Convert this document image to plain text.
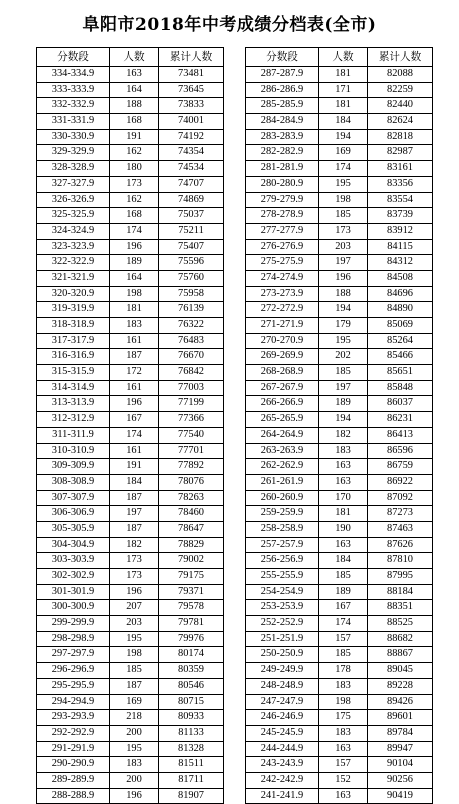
阜阳市2018年中考成绩分档表(全市)
分数段	人数	累计人数
334-334.9	163	73481
333-333.9	164	73645
332-332.9	188	73833
331-331.9	168	74001
330-330.9	191	74192
329-329.9	162	74354
328-328.9	180	74534
327-327.9	173	74707
326-326.9	162	74869
325-325.9	168	75037
324-324.9	174	75211
323-323.9	196	75407
322-322.9	189	75596
321-321.9	164	75760
320-320.9	198	75958
319-319.9	181	76139
318-318.9	183	76322
317-317.9	161	76483
316-316.9	187	76670
315-315.9	172	76842
314-314.9	161	77003
313-313.9	196	77199
312-312.9	167	77366
311-311.9	174	77540
310-310.9	161	77701
309-309.9	191	77892
308-308.9	184	78076
307-307.9	187	78263
306-306.9	197	78460
305-305.9	187	78647
304-304.9	182	78829
303-303.9	173	79002
302-302.9	173	79175
301-301.9	196	79371
300-300.9	207	79578
299-299.9	203	79781
298-298.9	195	79976
297-297.9	198	80174
296-296.9	185	80359
295-295.9	187	80546
294-294.9	169	80715
293-293.9	218	80933
292-292.9	200	81133
291-291.9	195	81328
290-290.9	183	81511
289-289.9	200	81711
288-288.9	196	81907
分数段	人数	累计人数
287-287.9	181	82088
286-286.9	171	82259
285-285.9	181	82440
284-284.9	184	82624
283-283.9	194	82818
282-282.9	169	82987
281-281.9	174	83161
280-280.9	195	83356
279-279.9	198	83554
278-278.9	185	83739
277-277.9	173	83912
276-276.9	203	84115
275-275.9	197	84312
274-274.9	196	84508
273-273.9	188	84696
272-272.9	194	84890
271-271.9	179	85069
270-270.9	195	85264
269-269.9	202	85466
268-268.9	185	85651
267-267.9	197	85848
266-266.9	189	86037
265-265.9	194	86231
264-264.9	182	86413
263-263.9	183	86596
262-262.9	163	86759
261-261.9	163	86922
260-260.9	170	87092
259-259.9	181	87273
258-258.9	190	87463
257-257.9	163	87626
256-256.9	184	87810
255-255.9	185	87995
254-254.9	189	88184
253-253.9	167	88351
252-252.9	174	88525
251-251.9	157	88682
250-250.9	185	88867
249-249.9	178	89045
248-248.9	183	89228
247-247.9	198	89426
246-246.9	175	89601
245-245.9	183	89784
244-244.9	163	89947
243-243.9	157	90104
242-242.9	152	90256
241-241.9	163	90419
